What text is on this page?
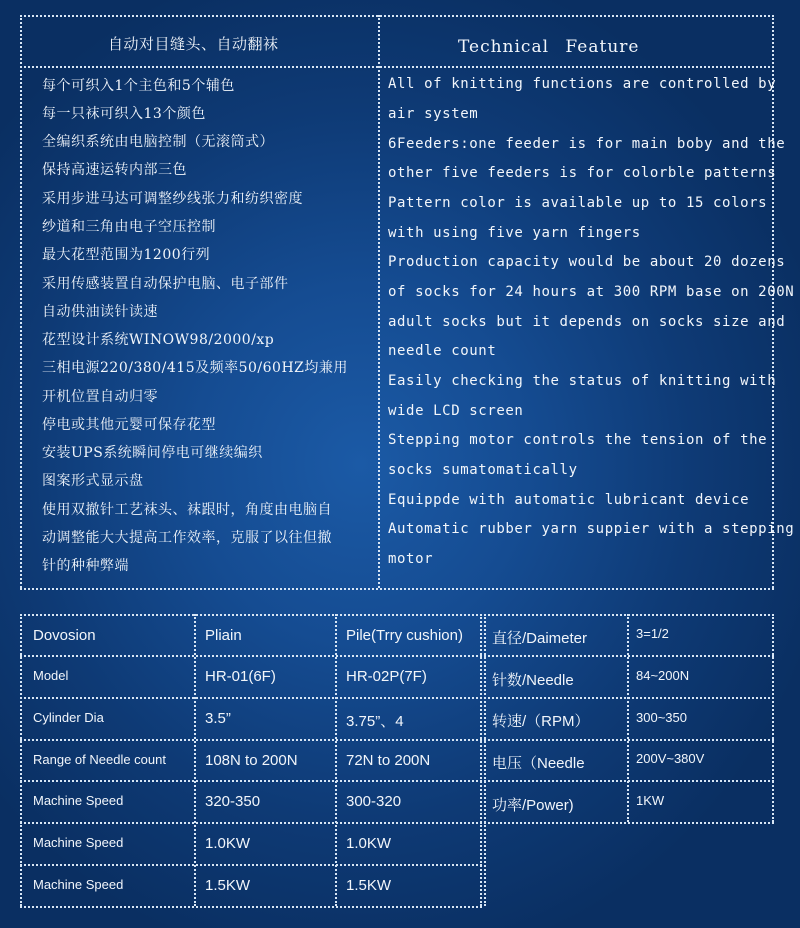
自动对目缝头、自动翻袜	Technical Feature
每个可织入1个主色和5个辅色
每一只袜可织入13个颜色
全编织系统由电脑控制（无滚筒式）
保持高速运转内部三色
采用步进马达可调整纱线张力和纺织密度
纱道和三角由电子空压控制
最大花型范围为1200行列
采用传感装置自动保护电脑、电子部件
自动供油读针读速
花型设计系统WINOW98/2000/xp
三相电源220/380/415及频率50/60HZ均兼用
开机位置自动归零
停电或其他元婴可保存花型
安装UPS系统瞬间停电可继续编织
图案形式显示盘
使用双撤针工艺袜头、袜跟时，角度由电脑自
动调整能大大提高工作效率，克服了以往但撤
针的种种弊端
All of knitting functions are controlled by
air system
6Feeders:one feeder is for main boby and the
other five feeders is for colorble patterns
Pattern color is available up to 15 colors
with using five yarn fingers
Production capacity would be about 20 dozens
of socks for 24 hours at 300 RPM base on 200N
adult socks but it depends on socks size and
needle count
Easily checking the status of knitting with
wide LCD screen
Stepping motor controls the tension of the
socks sumatomatically
Equippde with automatic lubricant device
Automatic rubber yarn suppier with a stepping
motor
Dovosion	Pliain	Pile(Trry cushion)
Model	HR-01(6F)	HR-02P(7F)
Cylinder Dia	3.5”	3.75”、4
Range of Needle count	108N to 200N	72N to 200N
Machine Speed	320-350	300-320
Machine Speed	1.0KW	1.0KW
Machine Speed	1.5KW	1.5KW
直径/Daimeter	3=1/2
针数/Needle	84~200N
转速/（RPM）	300~350
电压（Needle	200V~380V
功率/Power)	1KW
